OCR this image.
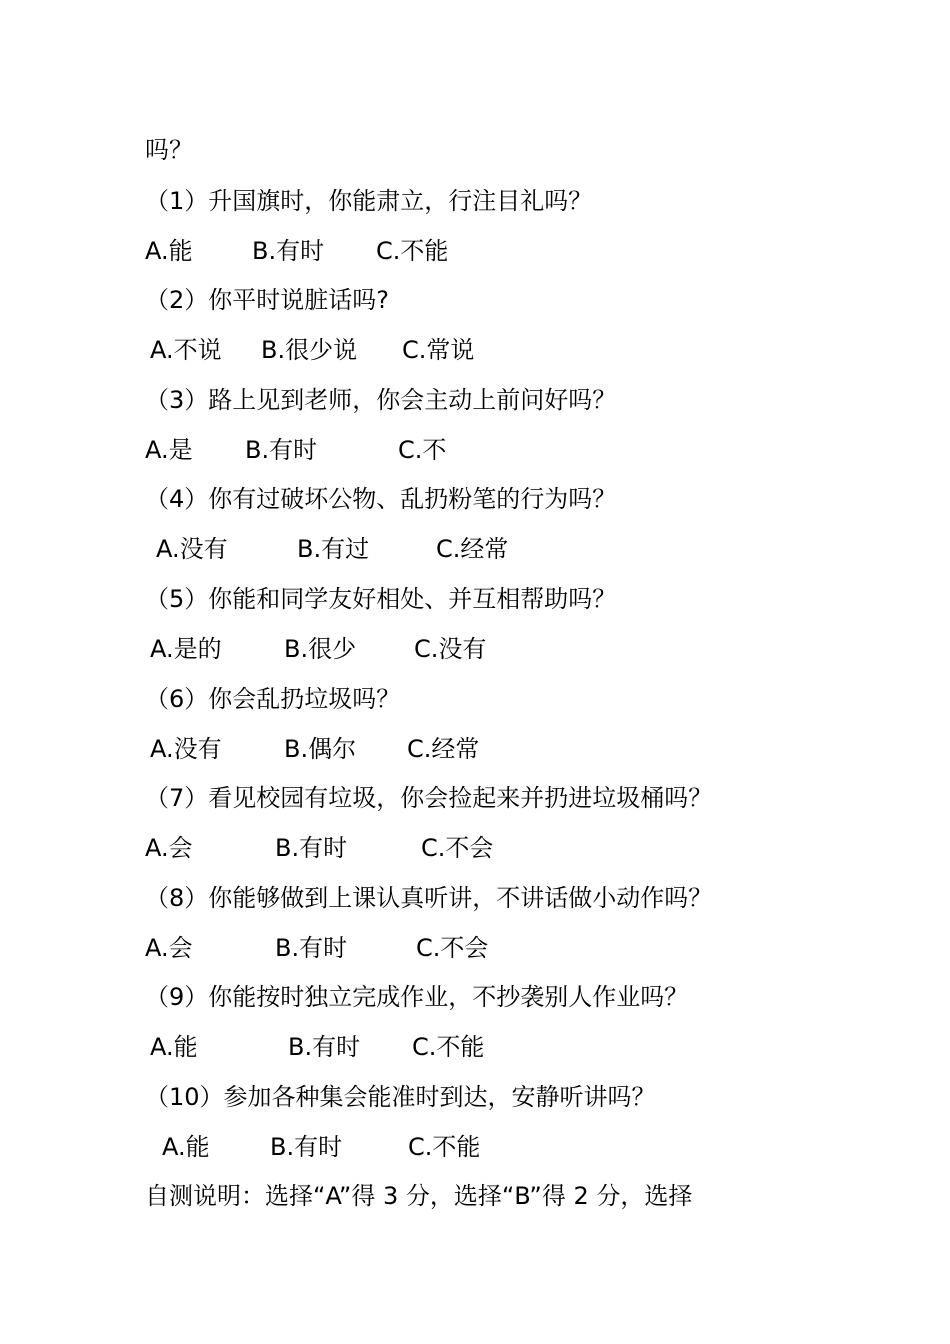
吗？
（1）升国旗时，你能肃立，行注目礼吗？
A.能 B.有时 C.不能
（2）你平时说脏话吗?
A.不说 B.很少说 C.常说
（3）路上见到老师，你会主动上前问好吗？
A.是 B.有时	C.不
（4）你有过破坏公物、乱扔粉笔的行为吗？
A.没有	B.有过	C.经常
（5）你能和同学友好相处、并互相帮助吗？
A.是的	B.很少 C.没有
（6）你会乱扔垃圾吗？
A.没有	B.偶尔 C.经常
（7）看见校园有垃圾，你会捡起来并扔进垃圾桶吗？
A.会	B.有时	C.不会
（8）你能够做到上课认真听讲，不讲话做小动作吗？
A.会	B.有时	C.不会
（9）你能按时独立完成作业，不抄袭别人作业吗？
A.能	B.有时 C.不能
（10）参加各种集会能准时到达，安静听讲吗？
A.能	B.有时	C.不能
自测说明：选择“A”得 3 分，选择“B”得 2 分，选择
